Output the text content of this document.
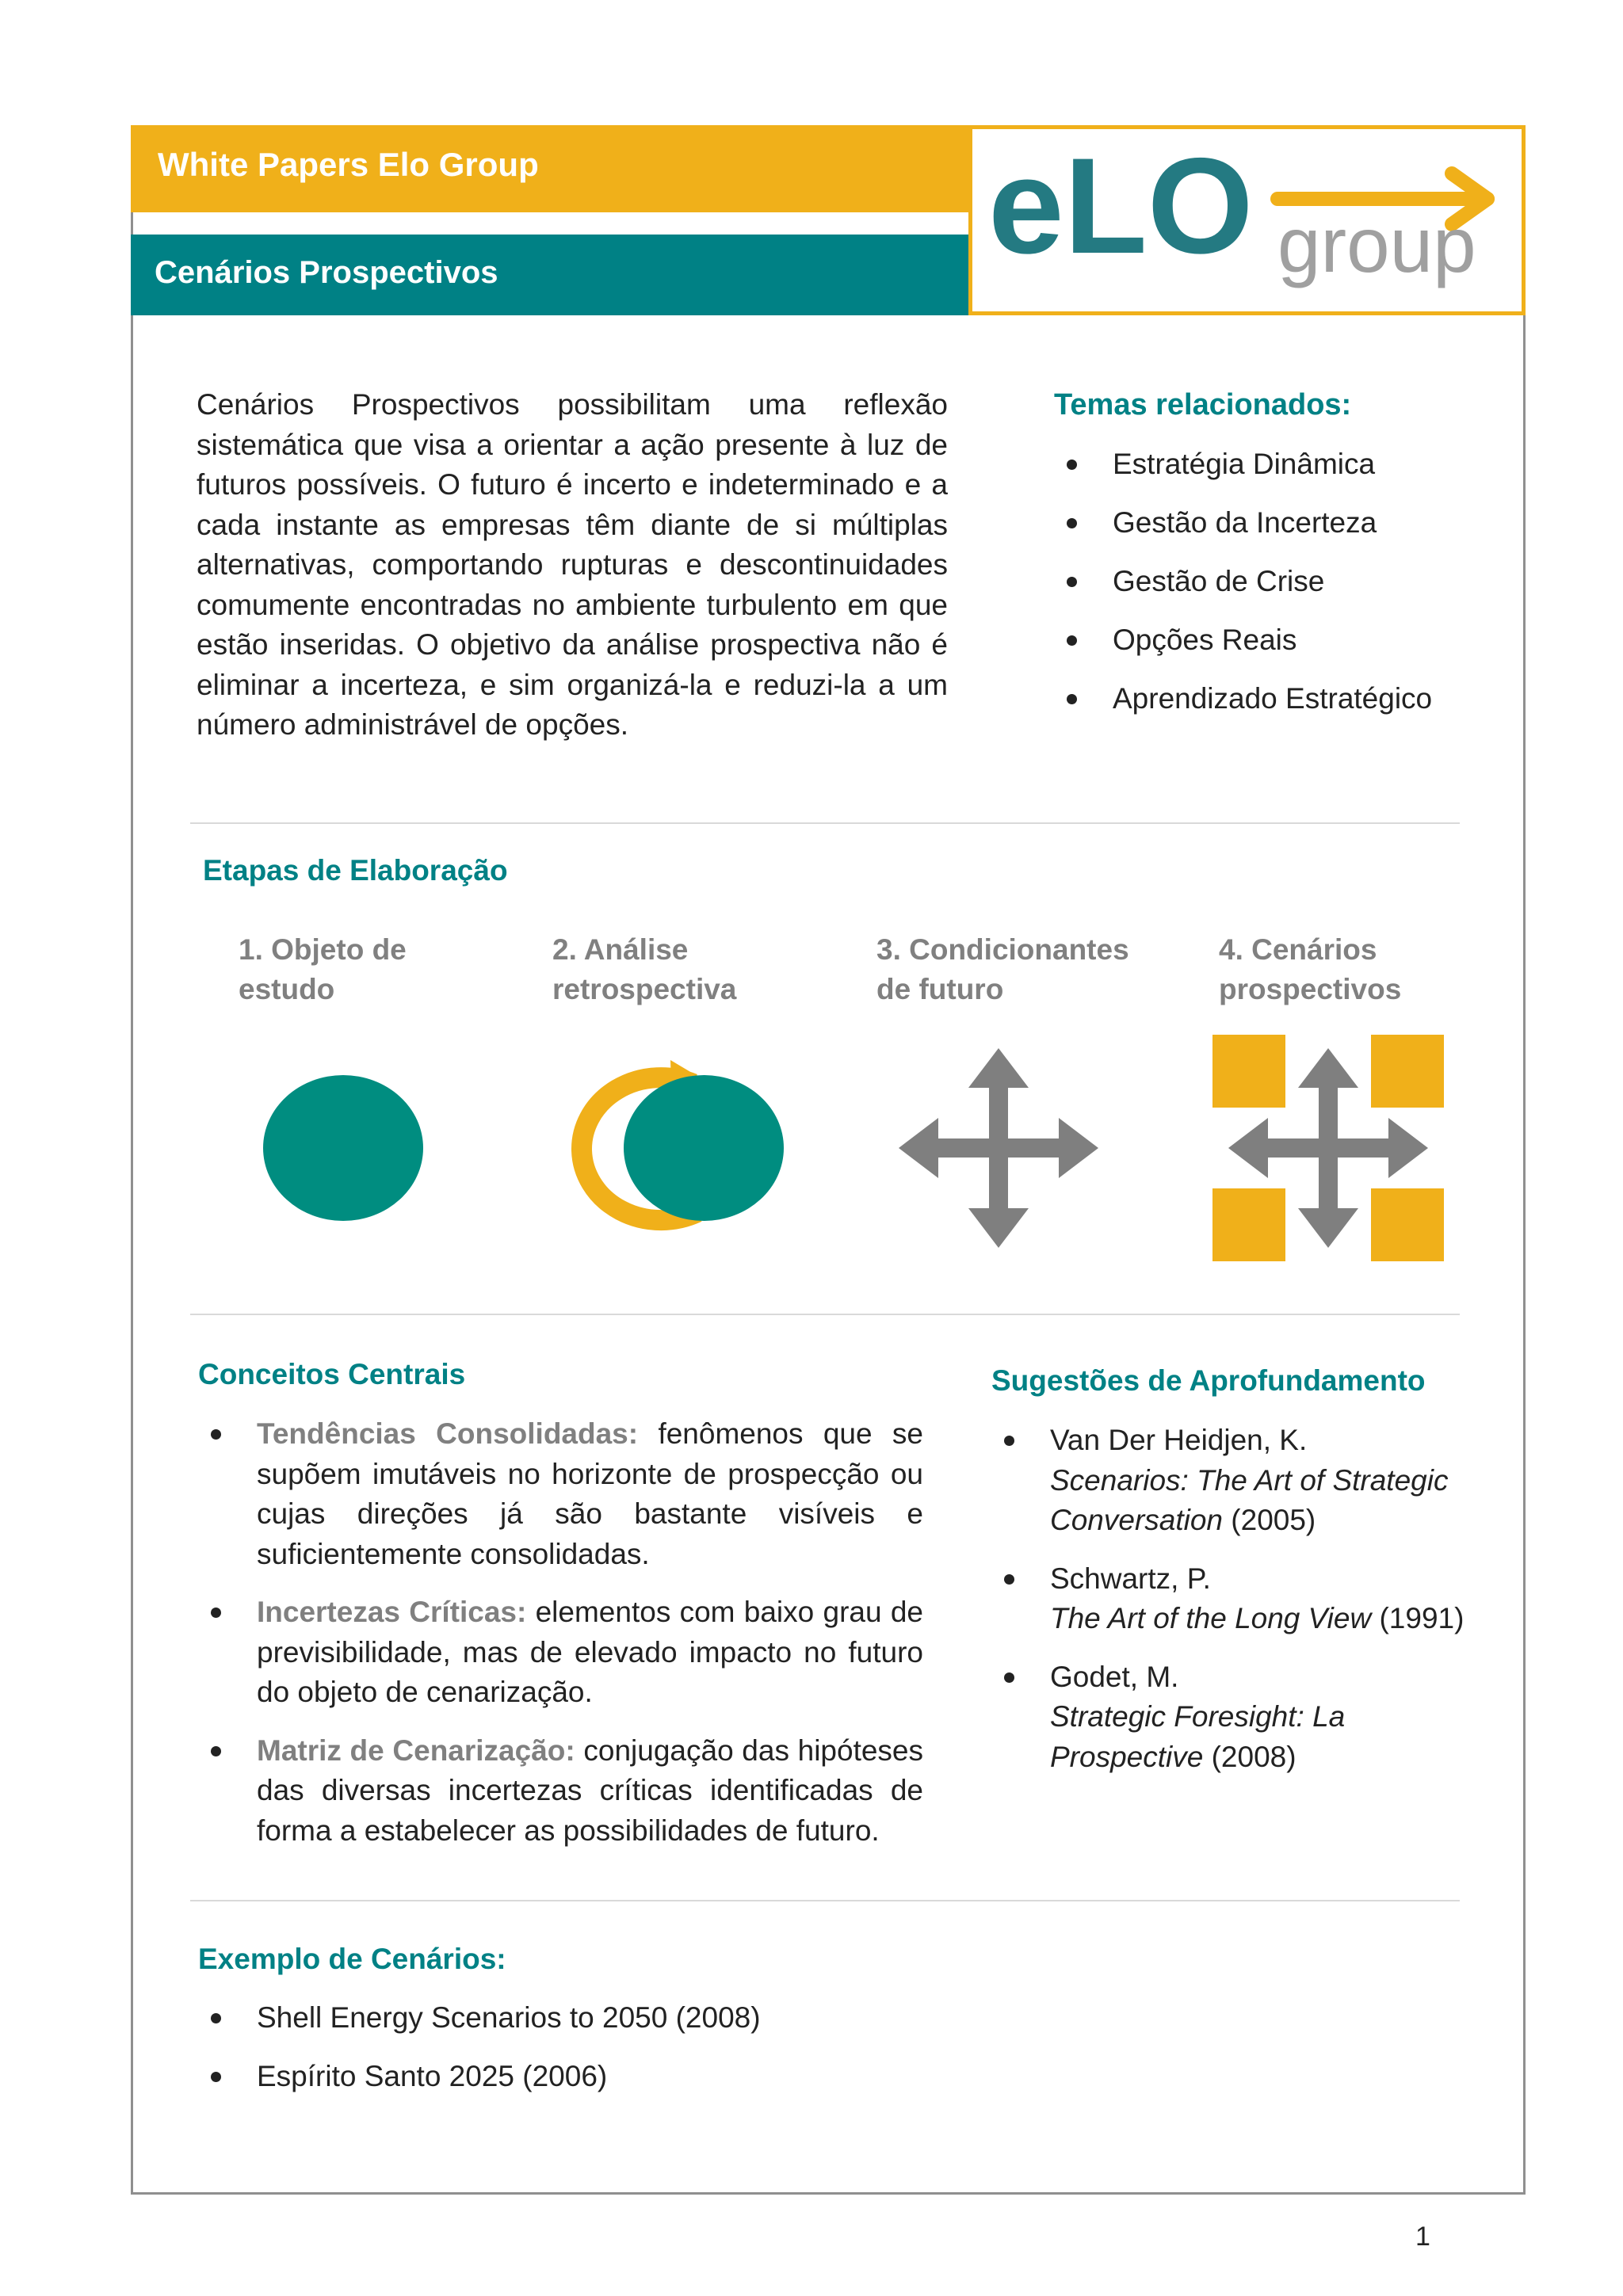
White Papers Elo Group
Cenários Prospectivos	eLO group
Cenários Prospectivos possibilitam uma reflexão sistemática que visa a orientar a ação presente à luz de futuros possíveis. O futuro é incerto e indeterminado e a cada instante as empresas têm diante de si múltiplas alternativas, comportando rupturas e descontinuidades comumente encontradas no ambiente turbulento em que estão inseridas. O objetivo da análise prospectiva não é eliminar a incerteza, e sim organizá-la e reduzi-la a um número administrável de opções.
Temas relacionados:
Estratégia Dinâmica
Gestão da Incerteza
Gestão de Crise
Opções Reais
Aprendizado Estratégico
Etapas de Elaboração
1. Objeto de
estudo
2. Análise
retrospectiva
3. Condicionantes
de futuro
4. Cenários
prospectivos
Conceitos Centrais
Tendências Consolidadas: fenômenos que se supõem imutáveis no horizonte de prospecção ou cujas direções já são bastante visíveis e suficientemente consolidadas.
Incertezas Críticas: elementos com baixo grau de previsibilidade, mas de elevado impacto no futuro do objeto de cenarização.
Matriz de Cenarização: conjugação das hipóteses das diversas incertezas críticas identificadas de forma a estabelecer as possibilidades de futuro.
Sugestões de Aprofundamento
Van Der Heidjen, K.
Scenarios: The Art of Strategic Conversation (2005)
Schwartz, P.
The Art of the Long View (1991)
Godet, M.
Strategic Foresight: La Prospective (2008)
Exemplo de Cenários:
Shell Energy Scenarios to 2050 (2008)
Espírito Santo 2025 (2006)
1
